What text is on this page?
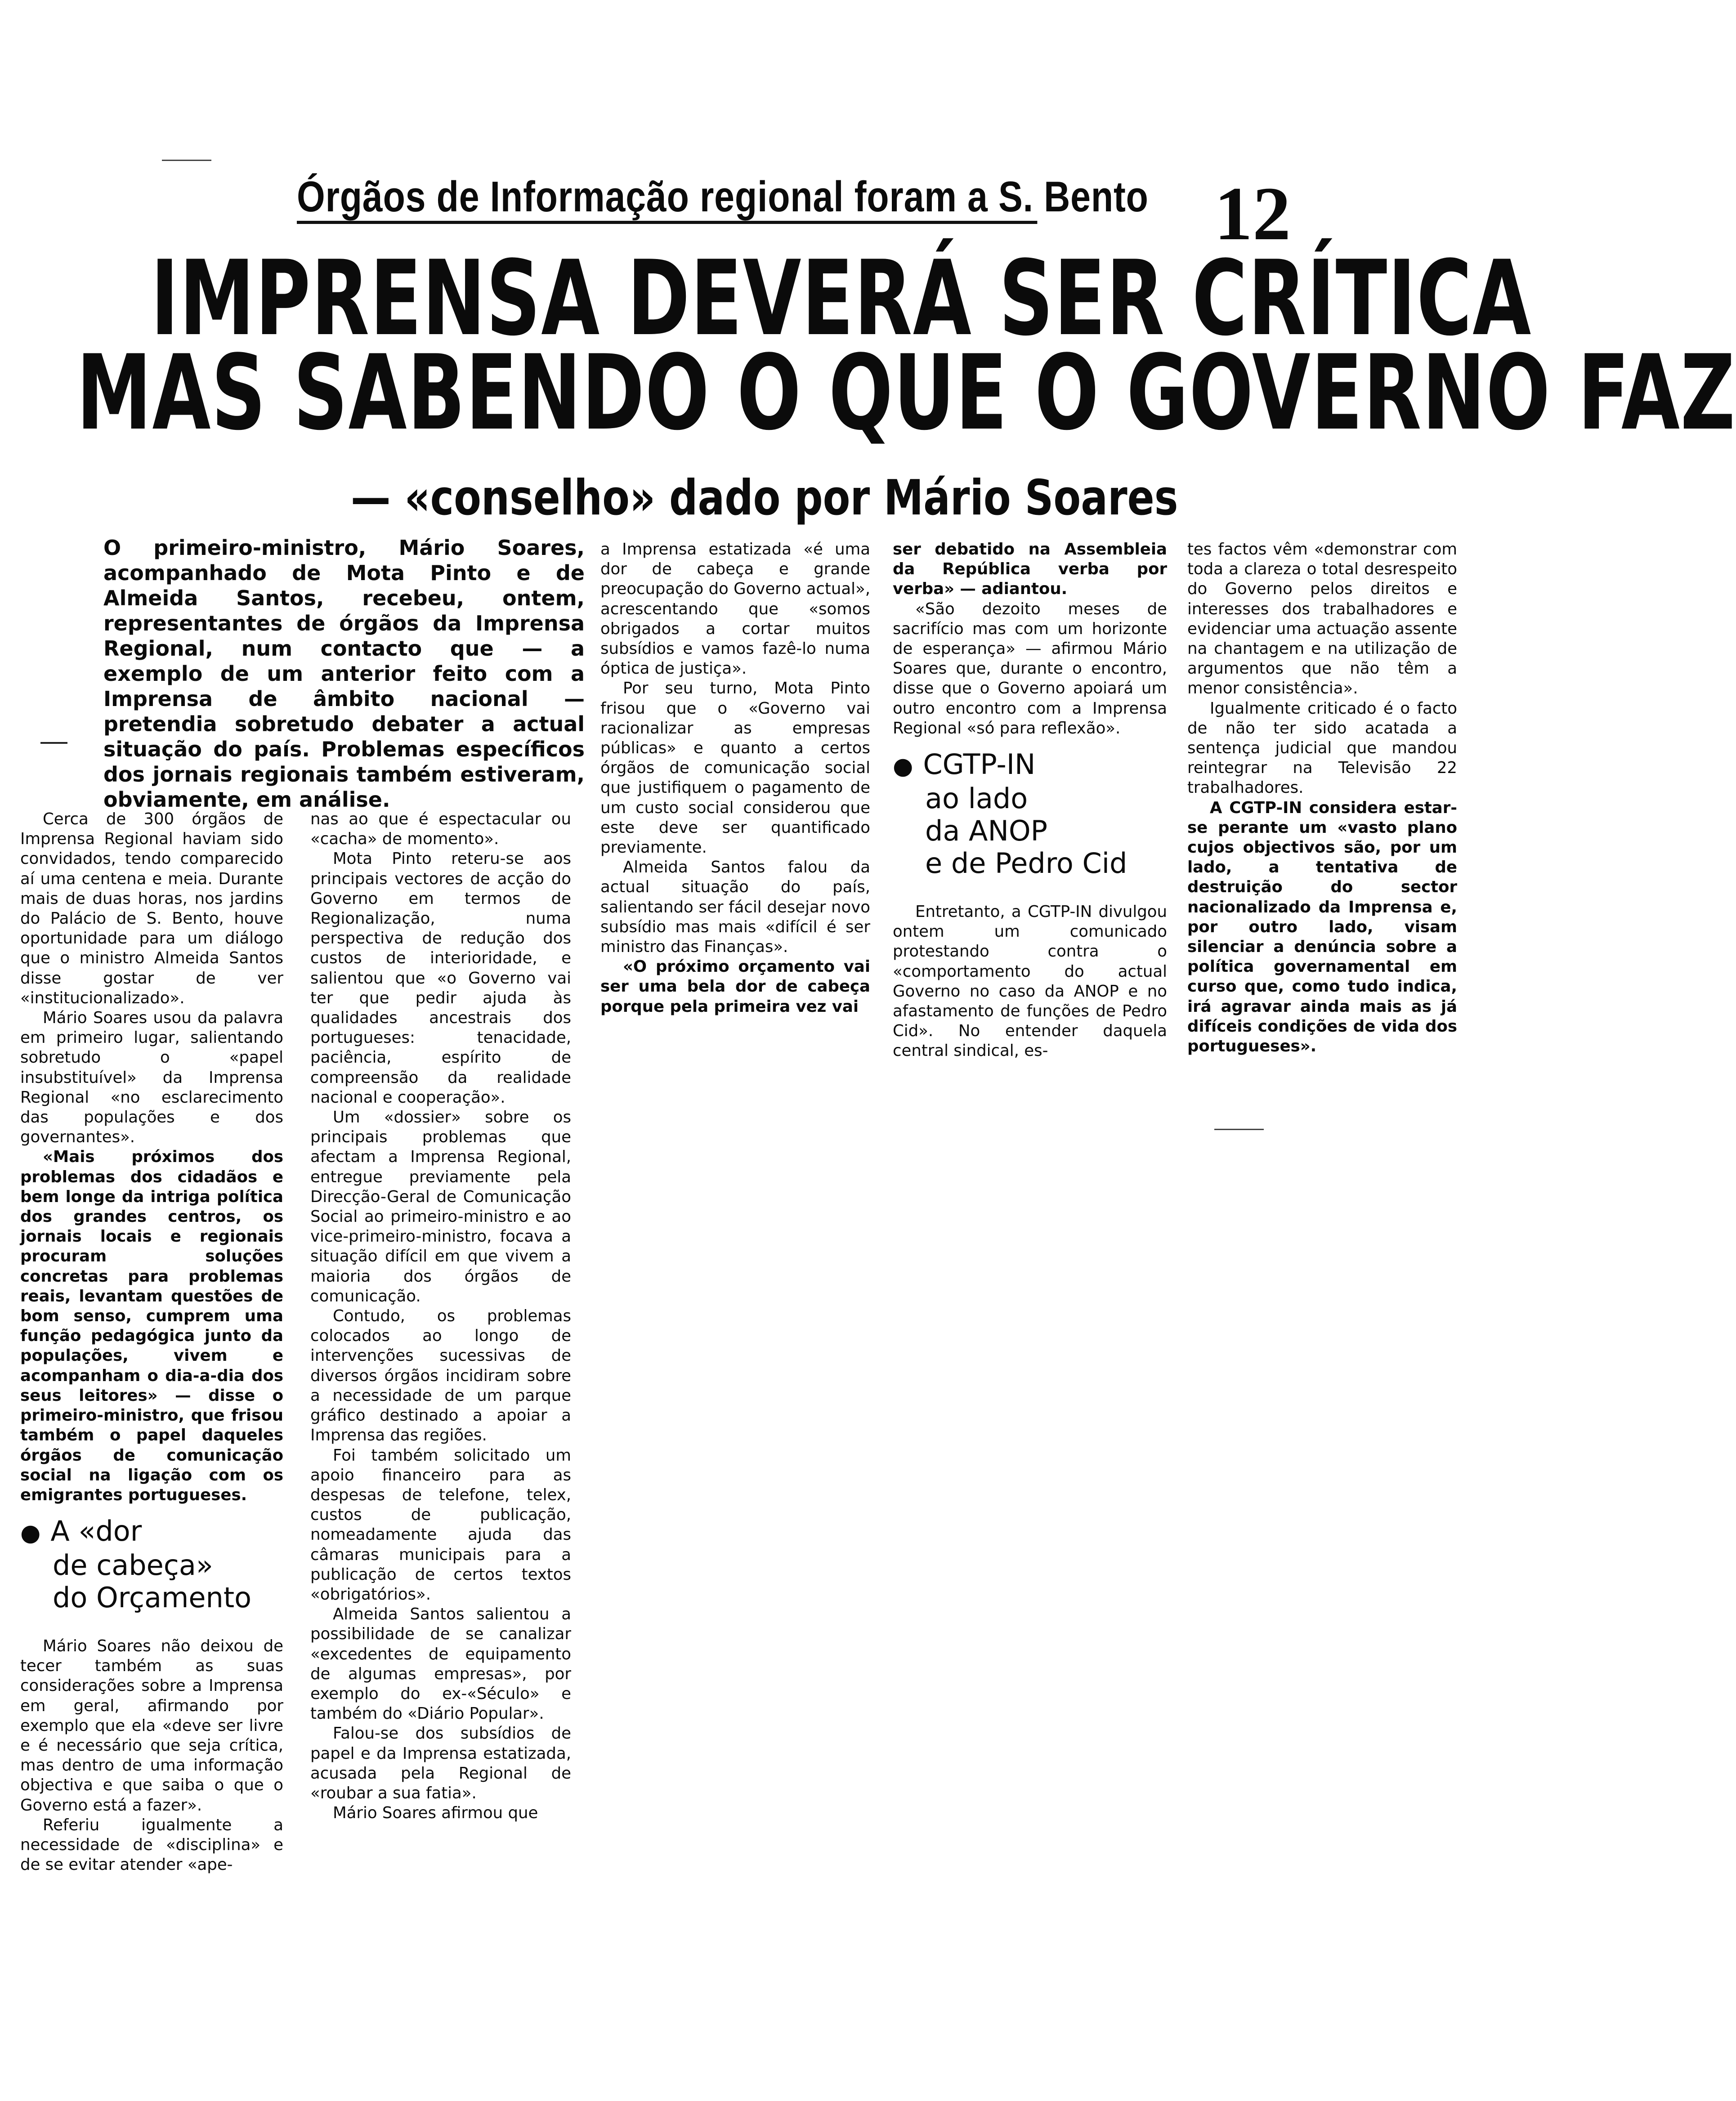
Órgãos de Informação regional foram a S. Bento 12
IMPRENSA DEVERÁ SER CRÍTICA
MAS SABENDO O QUE O GOVERNO FAZ
— «conselho» dado por Mário Soares
O primeiro-ministro, Mário Soares, acompanhado de Mota Pinto e de Almeida Santos, recebeu, ontem, representantes de órgãos da Imprensa Regional, num contacto que — a exemplo de um anterior feito com a Imprensa de âmbito nacional — pretendia sobretudo debater a actual situação do país. Problemas específicos dos jornais regionais também estiveram, obviamente, em análise.

Cerca de 300 órgãos de Imprensa Regional haviam sido convidados, tendo comparecido aí uma centena e meia. Durante mais de duas horas, nos jardins do Palácio de S. Bento, houve oportunidade para um diálogo que o ministro Almeida Santos disse gostar de ver «institucionalizado».

Mário Soares usou da palavra em primeiro lugar, salientando sobretudo o «papel insubstituível» da Imprensa Regional «no esclarecimento das populações e dos governantes».

«Mais próximos dos problemas dos cidadãos e bem longe da intriga política dos grandes centros, os jornais locais e regionais procuram soluções concretas para problemas reais, levantam questões de bom senso, cumprem uma função pedagógica junto da populações, vivem e acompanham o dia-a-dia dos seus leitores» — disse o primeiro-ministro, que frisou também o papel daqueles órgãos de comunicação social na ligação com os emigrantes portugueses.

● A «dor
de cabeça»
do Orçamento

Mário Soares não deixou de tecer também as suas considerações sobre a Imprensa em geral, afirmando por exemplo que ela «deve ser livre e é necessário que seja crítica, mas dentro de uma informação objectiva e que saiba o que o Governo está a fazer».

Referiu igualmente a necessidade de «disciplina» e de se evitar atender «ape-

nas ao que é espectacular ou «cacha» de momento».

Mota Pinto reteru-se aos principais vectores de acção do Governo em termos de Regionalização, numa perspectiva de redução dos custos de interioridade, e salientou que «o Governo vai ter que pedir ajuda às qualidades ancestrais dos portugueses: tenacidade, paciência, espírito de compreensão da realidade nacional e cooperação».

Um «dossier» sobre os principais problemas que afectam a Imprensa Regional, entregue previamente pela Direcção-Geral de Comunicação Social ao primeiro-ministro e ao vice-primeiro-ministro, focava a situação difícil em que vivem a maioria dos órgãos de comunicação.

Contudo, os problemas colocados ao longo de intervenções sucessivas de diversos órgãos incidiram sobre a necessidade de um parque gráfico destinado a apoiar a Imprensa das regiões.

Foi também solicitado um apoio financeiro para as despesas de telefone, telex, custos de publicação, nomeadamente ajuda das câmaras municipais para a publicação de certos textos «obrigatórios».

Almeida Santos salientou a possibilidade de se canalizar «excedentes de equipamento de algumas empresas», por exemplo do ex-«Século» e também do «Diário Popular».

Falou-se dos subsídios de papel e da Imprensa estatizada, acusada pela Regional de «roubar a sua fatia».

Mário Soares afirmou que

a Imprensa estatizada «é uma dor de cabeça e grande preocupação do Governo actual», acrescentando que «somos obrigados a cortar muitos subsídios e vamos fazê-lo numa óptica de justiça».

Por seu turno, Mota Pinto frisou que o «Governo vai racionalizar as empresas públicas» e quanto a certos órgãos de comunicação social que justifiquem o pagamento de um custo social considerou que este deve ser quantificado previamente.

Almeida Santos falou da actual situação do país, salientando ser fácil desejar novo subsídio mas mais «difícil é ser ministro das Finanças».

«O próximo orçamento vai ser uma bela dor de cabeça porque pela primeira vez vai

ser debatido na Assembleia da República verba por verba» — adiantou.

«São dezoito meses de sacrifício mas com um horizonte de esperança» — afirmou Mário Soares que, durante o encontro, disse que o Governo apoiará um outro encontro com a Imprensa Regional «só para reflexão».

● CGTP-IN
ao lado
da ANOP
e de Pedro Cid

Entretanto, a CGTP-IN divulgou ontem um comunicado protestando contra o «comportamento do actual Governo no caso da ANOP e no afastamento de funções de Pedro Cid». No entender daquela central sindical, es-

tes factos vêm «demonstrar com toda a clareza o total desrespeito do Governo pelos direitos e interesses dos trabalhadores e evidenciar uma actuação assente na chantagem e na utilização de argumentos que não têm a menor consistência».

Igualmente criticado é o facto de não ter sido acatada a sentença judicial que mandou reintegrar na Televisão 22 trabalhadores.

A CGTP-IN considera estar-se perante um «vasto plano cujos objectivos são, por um lado, a tentativa de destruição do sector nacionalizado da Imprensa e, por outro lado, visam silenciar a denúncia sobre a política governamental em curso que, como tudo indica, irá agravar ainda mais as já difíceis condições de vida dos portugueses».
